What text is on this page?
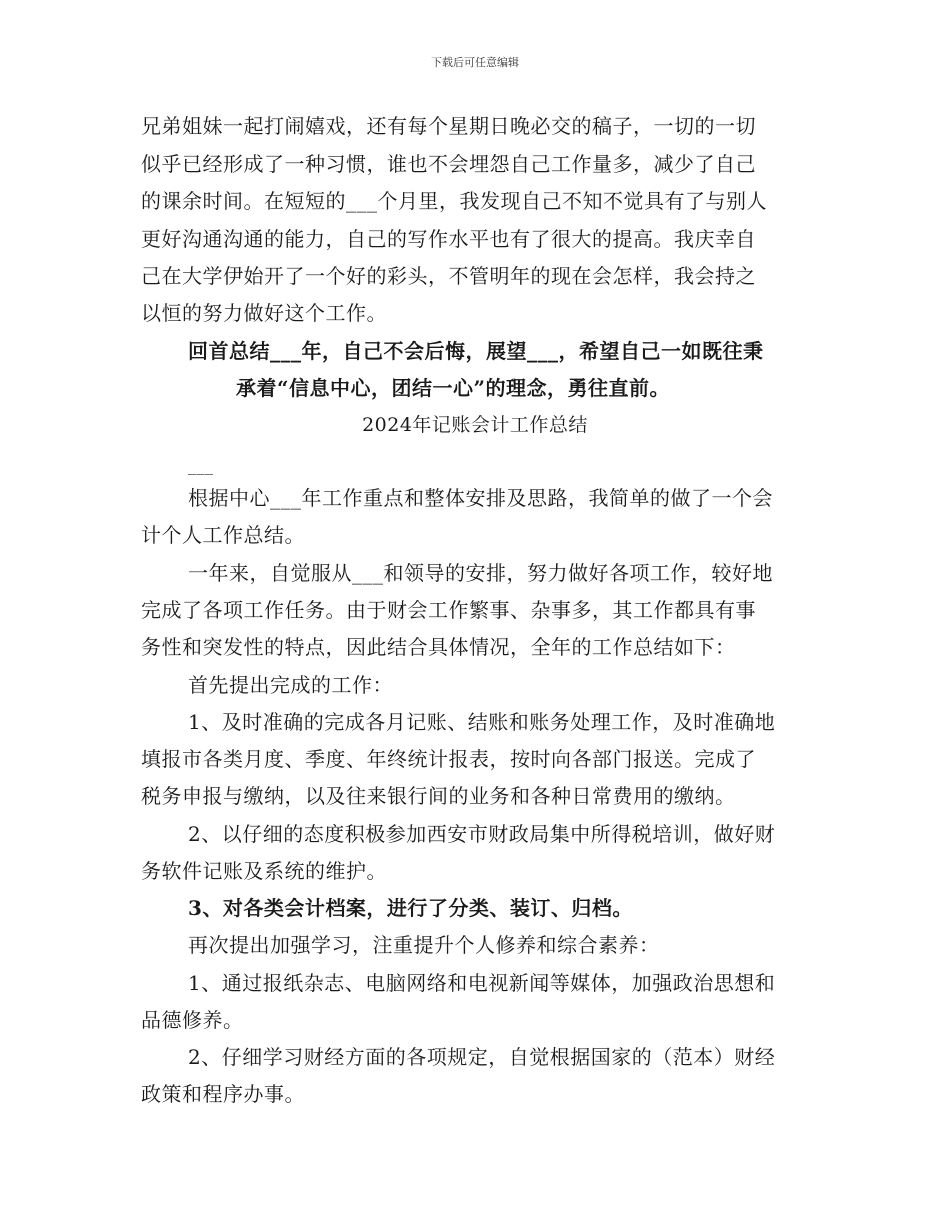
下载后可任意编辑
兄弟姐妹一起打闹嬉戏，还有每个星期日晚必交的稿子，一切的一切
似乎已经形成了一种习惯，谁也不会埋怨自己工作量多，减少了自己
的课余时间。在短短的___个月里，我发现自己不知不觉具有了与别人
更好沟通沟通的能力，自己的写作水平也有了很大的提高。我庆幸自
己在大学伊始开了一个好的彩头，不管明年的现在会怎样，我会持之
以恒的努力做好这个工作。
回首总结___年，自己不会后悔，展望___，希望自己一如既往秉
承着“信息中心，团结一心”的理念，勇往直前。
2024年记账会计工作总结
___
根据中心___年工作重点和整体安排及思路，我简单的做了一个会
计个人工作总结。
一年来，自觉服从___和领导的安排，努力做好各项工作，较好地
完成了各项工作任务。由于财会工作繁事、杂事多，其工作都具有事
务性和突发性的特点，因此结合具体情况，全年的工作总结如下：
首先提出完成的工作：
1、及时准确的完成各月记账、结账和账务处理工作，及时准确地
填报市各类月度、季度、年终统计报表，按时向各部门报送。完成了
税务申报与缴纳，以及往来银行间的业务和各种日常费用的缴纳。
2、以仔细的态度积极参加西安市财政局集中所得税培训，做好财
务软件记账及系统的维护。
3、对各类会计档案，进行了分类、装订、归档。
再次提出加强学习，注重提升个人修养和综合素养：
1、通过报纸杂志、电脑网络和电视新闻等媒体，加强政治思想和
品德修养。
2、仔细学习财经方面的各项规定，自觉根据国家的（范本）财经
政策和程序办事。
